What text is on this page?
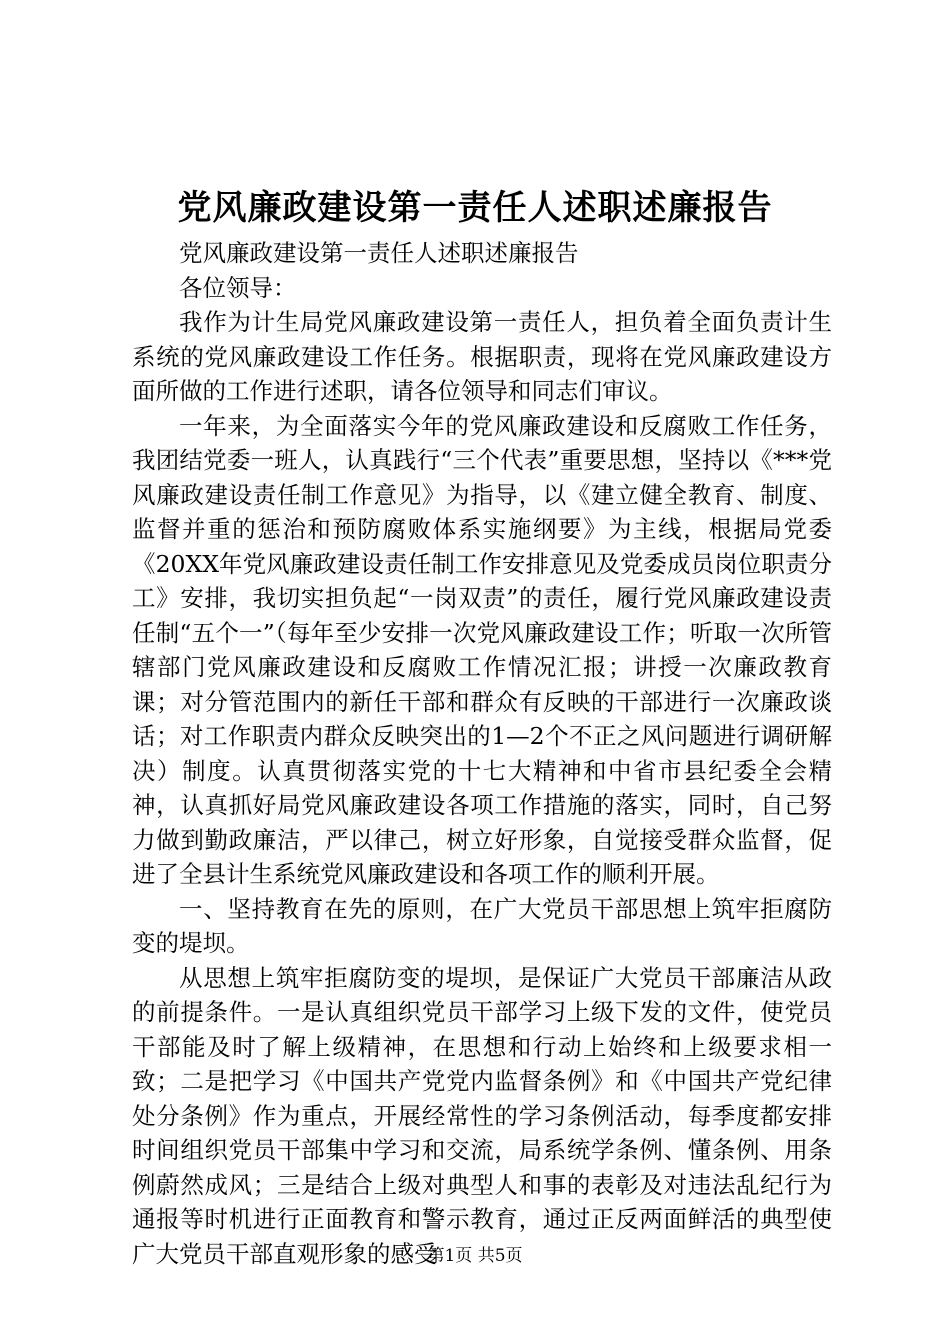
党风廉政建设第一责任人述职述廉报告

党风廉政建设第一责任人述职述廉报告

各位领导：

我作为计生局党风廉政建设第一责任人，担负着全面负责计生系统的党风廉政建设工作任务。根据职责，现将在党风廉政建设方面所做的工作进行述职，请各位领导和同志们审议。

一年来，为全面落实今年的党风廉政建设和反腐败工作任务，我团结党委一班人，认真践行“三个代表”重要思想，坚持以《***党风廉政建设责任制工作意见》为指导，以《建立健全教育、制度、监督并重的惩治和预防腐败体系实施纲要》为主线，根据局党委《20XX年党风廉政建设责任制工作安排意见及党委成员岗位职责分工》安排，我切实担负起“一岗双责”的责任，履行党风廉政建设责任制“五个一”（每年至少安排一次党风廉政建设工作；听取一次所管辖部门党风廉政建设和反腐败工作情况汇报；讲授一次廉政教育课；对分管范围内的新任干部和群众有反映的干部进行一次廉政谈话；对工作职责内群众反映突出的1—2个不正之风问题进行调研解决）制度。认真贯彻落实党的十七大精神和中省市县纪委全会精神，认真抓好局党风廉政建设各项工作措施的落实，同时，自己努力做到勤政廉洁，严以律己，树立好形象，自觉接受群众监督，促进了全县计生系统党风廉政建设和各项工作的顺利开展。

一、坚持教育在先的原则，在广大党员干部思想上筑牢拒腐防变的堤坝。

从思想上筑牢拒腐防变的堤坝，是保证广大党员干部廉洁从政的前提条件。一是认真组织党员干部学习上级下发的文件，使党员干部能及时了解上级精神，在思想和行动上始终和上级要求相一致；二是把学习《中国共产党党内监督条例》和《中国共产党纪律处分条例》作为重点，开展经常性的学习条例活动，每季度都安排时间组织党员干部集中学习和交流，局系统学条例、懂条例、用条例蔚然成风；三是结合上级对典型人和事的表彰及对违法乱纪行为通报等时机进行正面教育和警示教育，通过正反两面鲜活的典型使广大党员干部直观形象的感受

第1页 共5页
